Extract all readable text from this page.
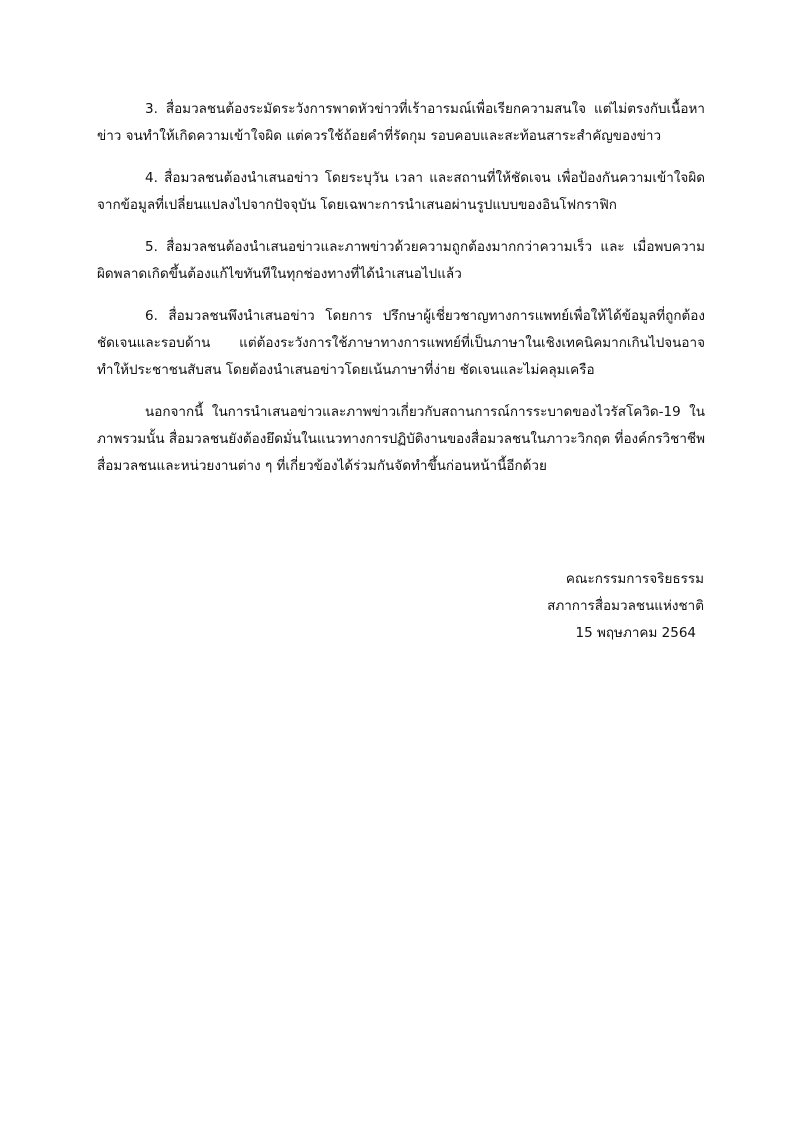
3. สื่อมวลชนต้องระมัดระวังการพาดหัวข่าวที่เร้าอารมณ์เพื่อเรียกความสนใจ แต่ไม่ตรงกับเนื้อหาข่าว จนทำให้เกิดความเข้าใจผิด แต่ควรใช้ถ้อยคำที่รัดกุม รอบคอบและสะท้อนสาระสำคัญของข่าว

4. สื่อมวลชนต้องนำเสนอข่าว โดยระบุวัน เวลา และสถานที่ให้ชัดเจน เพื่อป้องกันความเข้าใจผิดจากข้อมูลที่เปลี่ยนแปลงไปจากปัจจุบัน โดยเฉพาะการนำเสนอผ่านรูปแบบของอินโฟกราฟิก

5. สื่อมวลชนต้องนำเสนอข่าวและภาพข่าวด้วยความถูกต้องมากกว่าความเร็ว และ เมื่อพบความผิดพลาดเกิดขึ้นต้องแก้ไขทันทีในทุกช่องทางที่ได้นำเสนอไปแล้ว

6. สื่อมวลชนพึงนำเสนอข่าว โดยการ ปรึกษาผู้เชี่ยวชาญทางการแพทย์เพื่อให้ได้ข้อมูลที่ถูกต้องชัดเจนและรอบด้าน แต่ต้องระวังการใช้ภาษาทางการแพทย์ที่เป็นภาษาในเชิงเทคนิคมากเกินไปจนอาจทำให้ประชาชนสับสน โดยต้องนำเสนอข่าวโดยเน้นภาษาที่ง่าย ชัดเจนและไม่คลุมเครือ

นอกจากนี้ ในการนำเสนอข่าวและภาพข่าวเกี่ยวกับสถานการณ์การระบาดของไวรัสโควิด-19 ในภาพรวมนั้น สื่อมวลชนยังต้องยึดมั่นในแนวทางการปฏิบัติงานของสื่อมวลชนในภาวะวิกฤต ที่องค์กรวิชาชีพสื่อมวลชนและหน่วยงานต่าง ๆ ที่เกี่ยวข้องได้ร่วมกันจัดทำขึ้นก่อนหน้านี้อีกด้วย

คณะกรรมการจริยธรรม
สภาการสื่อมวลชนแห่งชาติ
15 พฤษภาคม 2564
